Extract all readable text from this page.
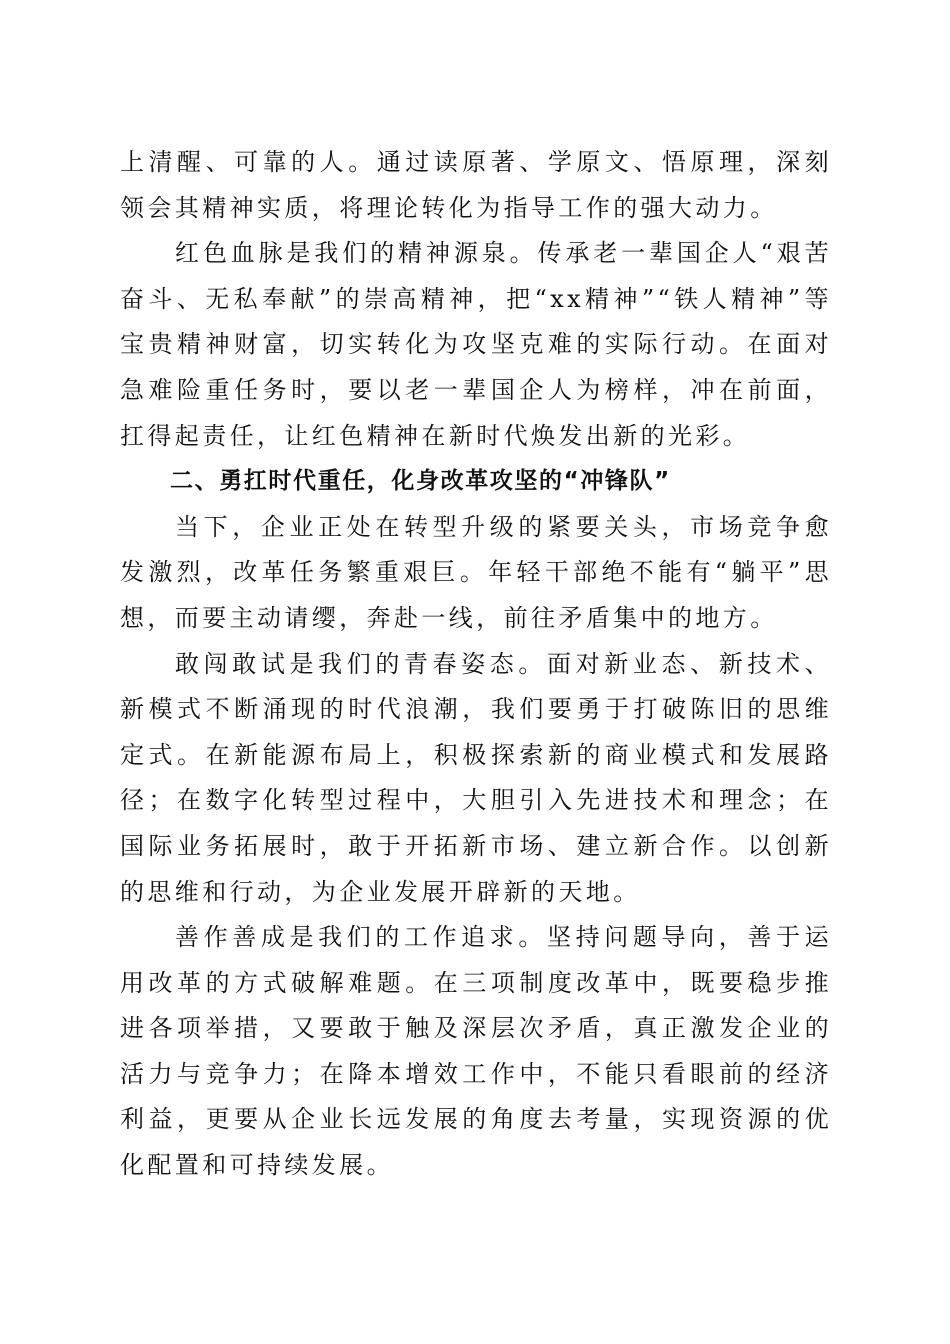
上清醒、可靠的人。通过读原著、学原文、悟原理，深刻领会其精神实质，将理论转化为指导工作的强大动力。

红色血脉是我们的精神源泉。传承老一辈国企人“艰苦奋斗、无私奉献”的崇高精神，把“xx精神”“铁人精神”等宝贵精神财富，切实转化为攻坚克难的实际行动。在面对急难险重任务时，要以老一辈国企人为榜样，冲在前面，扛得起责任，让红色精神在新时代焕发出新的光彩。

二、勇扛时代重任，化身改革攻坚的“冲锋队”

当下，企业正处在转型升级的紧要关头，市场竞争愈发激烈，改革任务繁重艰巨。年轻干部绝不能有“躺平”思想，而要主动请缨，奔赴一线，前往矛盾集中的地方。

敢闯敢试是我们的青春姿态。面对新业态、新技术、新模式不断涌现的时代浪潮，我们要勇于打破陈旧的思维定式。在新能源布局上，积极探索新的商业模式和发展路径；在数字化转型过程中，大胆引入先进技术和理念；在国际业务拓展时，敢于开拓新市场、建立新合作。以创新的思维和行动，为企业发展开辟新的天地。

善作善成是我们的工作追求。坚持问题导向，善于运用改革的方式破解难题。在三项制度改革中，既要稳步推进各项举措，又要敢于触及深层次矛盾，真正激发企业的活力与竞争力；在降本增效工作中，不能只看眼前的经济利益，更要从企业长远发展的角度去考量，实现资源的优化配置和可持续发展。
